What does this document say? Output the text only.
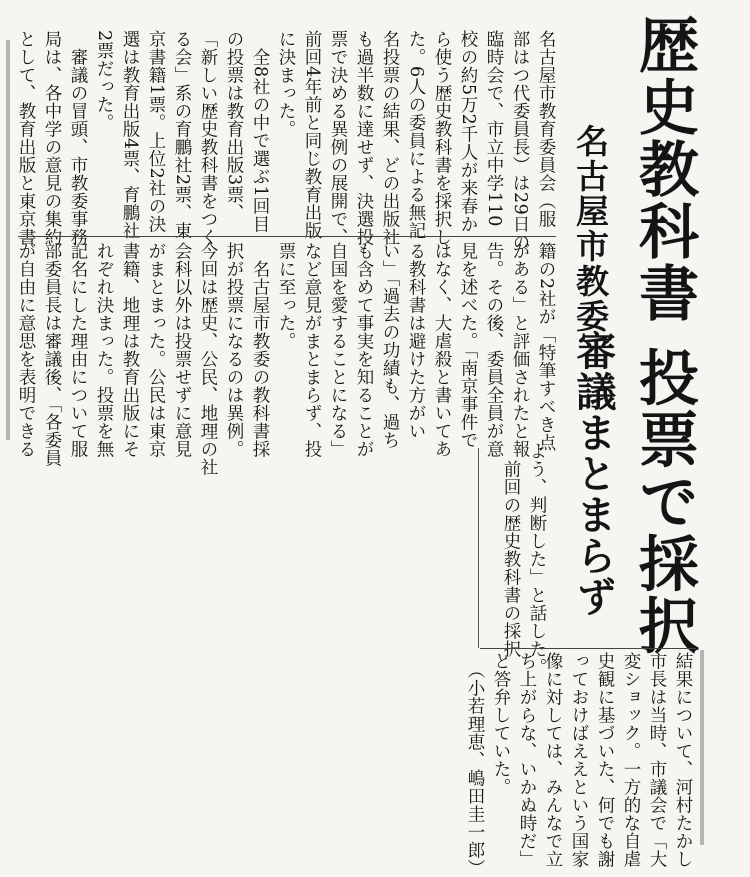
歴史教科書 投票で採択
名古屋市教委
審議まとまらず
名古屋市教育委員会（服
部はつ代委員長）は29日の
臨時会で、市立中学110
校の約5万2千人が来春か
ら使う歴史教科書を採択し
た。6人の委員による無記
名投票の結果、どの出版社
も過半数に達せず、決選投
票で決める異例の展開で、
前回4年前と同じ教育出版
に決まった。
　全8社の中で選ぶ1回目
の投票は教育出版3票、
「新しい歴史教科書をつく
る会」系の育鵬社2票、東
京書籍1票。上位2社の決
選は教育出版4票、育鵬社
2票だった。
　審議の冒頭、市教委事務
局は、各中学の意見の集約
として、教育出版と東京書
籍の2社が「特筆すべき点
がある」と評価されたと報
告。その後、委員全員が意
見を述べた。「南京事件で
はなく、大虐殺と書いてあ
る教科書は避けた方がい
い」「過去の功績も、過ち
も含めて事実を知ることが
自国を愛することになる」
など意見がまとまらず、投
票に至った。
　名古屋市教委の教科書採
択が投票になるのは異例。
今回は歴史、公民、地理の社
会科以外は投票せずに意見
がまとまった。公民は東京
書籍、地理は教育出版にそ
れぞれ決まった。投票を無
記名にした理由について服
部委員長は審議後、「各委員
が自由に意思を表明できる
よう、判断した」と話した。
　前回の歴史教科書の採択
結果について、河村たかし
市長は当時、市議会で「大
変ショック。一方的な自虐
史観に基づいた、何でも謝
っておけばええという国家
像に対しては、みんなで立
ち上がらな、いかぬ時だ」
と答弁していた。
　（小若理恵、嶋田圭一郎）
